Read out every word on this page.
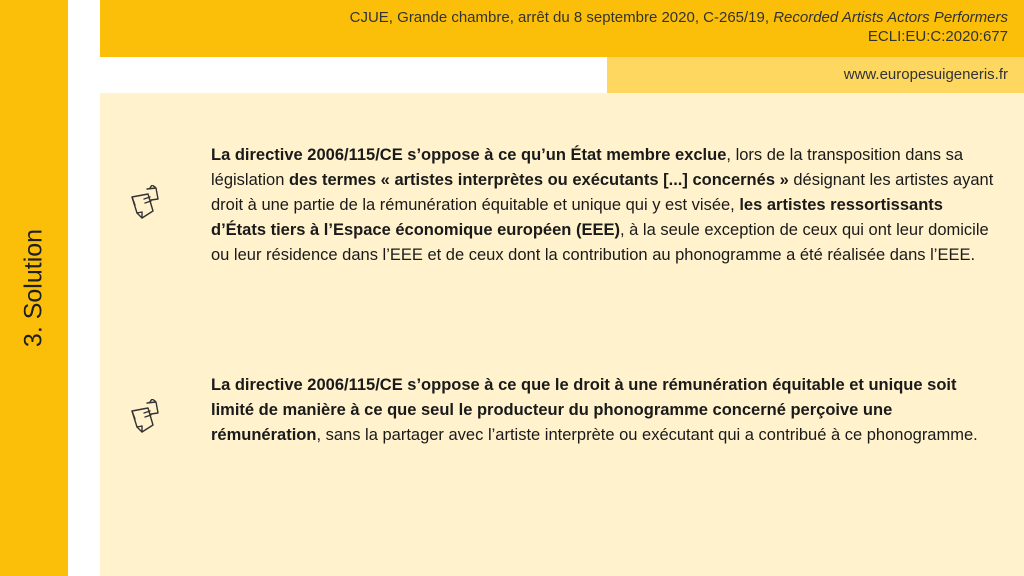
3. Solution
CJUE, Grande chambre, arrêt du 8 septembre 2020, C-265/19, Recorded Artists Actors Performers
ECLI:EU:C:2020:677
www.europesuigeneris.fr
La directive 2006/115/CE s’oppose à ce qu’un État membre exclue, lors de la transposition dans sa législation des termes « artistes interprètes ou exécutants [...] concernés » désignant les artistes ayant droit à une partie de la rémunération équitable et unique qui y est visée, les artistes ressortissants d’États tiers à l’Espace économique européen (EEE), à la seule exception de ceux qui ont leur domicile ou leur résidence dans l’EEE et de ceux dont la contribution au phonogramme a été réalisée dans l’EEE.
La directive 2006/115/CE s’oppose à ce que le droit à une rémunération équitable et unique soit limité de manière à ce que seul le producteur du phonogramme concerné perçoive une rémunération, sans la partager avec l’artiste interprète ou exécutant qui a contribué à ce phonogramme.
